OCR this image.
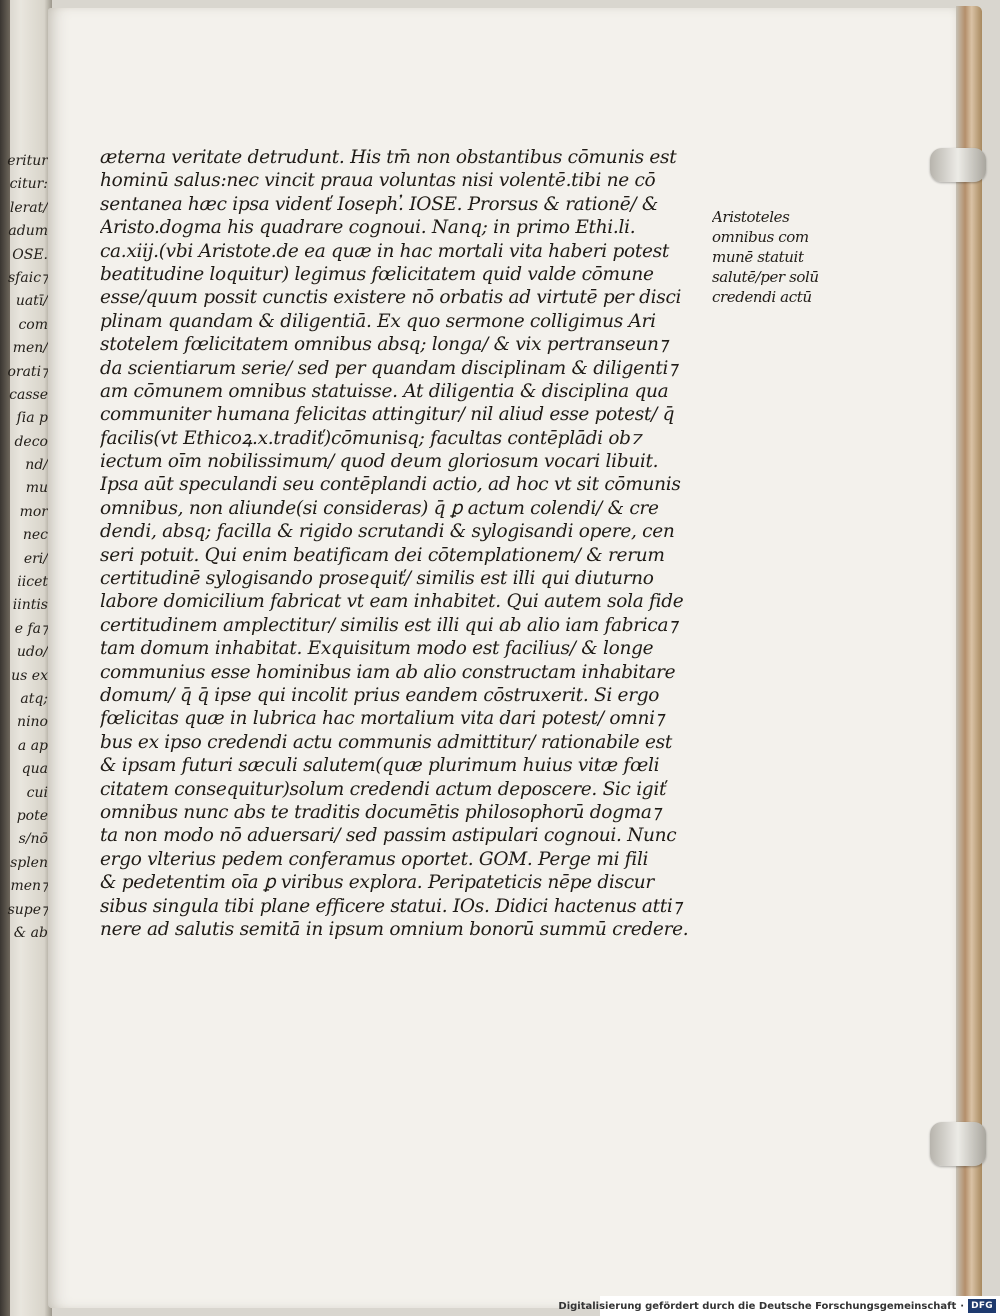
eritur
citur:
lerat/
adum
OSE.
sfaic⁊
uatī/
com
men/
orati⁊
casse
ſia p
deco
nd/
mu
mor
nec
eri/
iicet
iintis
e fa⁊
udo/
us ex
atq;
nino
a ap
qua
cui
pote
s/nō
splen
men⁊
supe⁊
& ab
æterna veritate detrudunt. His tm̄ non obstantibus cōmunis est
hominū salus:nec vincit praua voluntas nisi volentē.tibi ne cō
sentanea hæc ipsa videnť Ioseph.̓ IOSE. Prorsus & rationē/ &
Aristo.dogma his quadrare cognoui. Nanq; in primo Ethi.li.
ca.xiij.(vbi Aristote.de ea quæ in hac mortali vita haberi potest
beatitudine loquitur) legimus fœlicitatem quid valde cōmune
esse/quum possit cunctis existere nō orbatis ad virtutē per disci
plinam quandam & diligentiā. Ex quo sermone colligimus Ari
stotelem fœlicitatem omnibus absq; longa/ & vix pertranseun⁊
da scientiarum serie/ sed per quandam disciplinam & diligenti⁊
am cōmunem omnibus statuisse. At diligentia & disciplina qua
communiter humana felicitas attingitur/ nil aliud esse potest/ q̄
facilis(vt Ethicoꝝ.x.tradiť)cōmunisq; facultas contēplādi ob⁊
iectum oīm nobilissimum/ quod deum gloriosum vocari libuit.
Ipsa aūt speculandi seu contēplandi actio, ad hoc vt sit cōmunis
omnibus, non aliunde(si consideras) q̄ ꝑ actum colendi/ & cre
dendi, absq; facilla & rigido scrutandi & sylogisandi opere, cen
seri potuit. Qui enim beatificam dei cōtemplationem/ & rerum
certitudinē sylogisando prosequiť/ similis est illi qui diuturno
labore domicilium fabricat vt eam inhabitet. Qui autem sola fide
certitudinem amplectitur/ similis est illi qui ab alio iam fabrica⁊
tam domum inhabitat. Exquisitum modo est facilius/ & longe
communius esse hominibus iam ab alio constructam inhabitare
domum/ q̄ q̄ ipse qui incolit prius eandem cōstruxerit. Si ergo
fœlicitas quæ in lubrica hac mortalium vita dari potest/ omni⁊
bus ex ipso credendi actu communis admittitur/ rationabile est
& ipsam futuri sæculi salutem(quæ plurimum huius vitæ fœli
citatem consequitur)solum credendi actum deposcere. Sic igiť
omnibus nunc abs te traditis documētis philosophorū dogma⁊
ta non modo nō aduersari/ sed passim astipulari cognoui. Nunc
ergo vlterius pedem conferamus oportet. GOM. Perge mi fili
& pedetentim oīa ꝑ viribus explora. Peripateticis nēpe discur
sibus singula tibi plane efficere statui. IOs. Didici hactenus atti⁊
nere ad salutis semitā in ipsum omnium bonorū summū credere.
Aristoteles
omnibus com
munē statuit
salutē/per solū
credendi actū
Digitalisierung gefördert durch die Deutsche Forschungsgemeinschaft · DFG
